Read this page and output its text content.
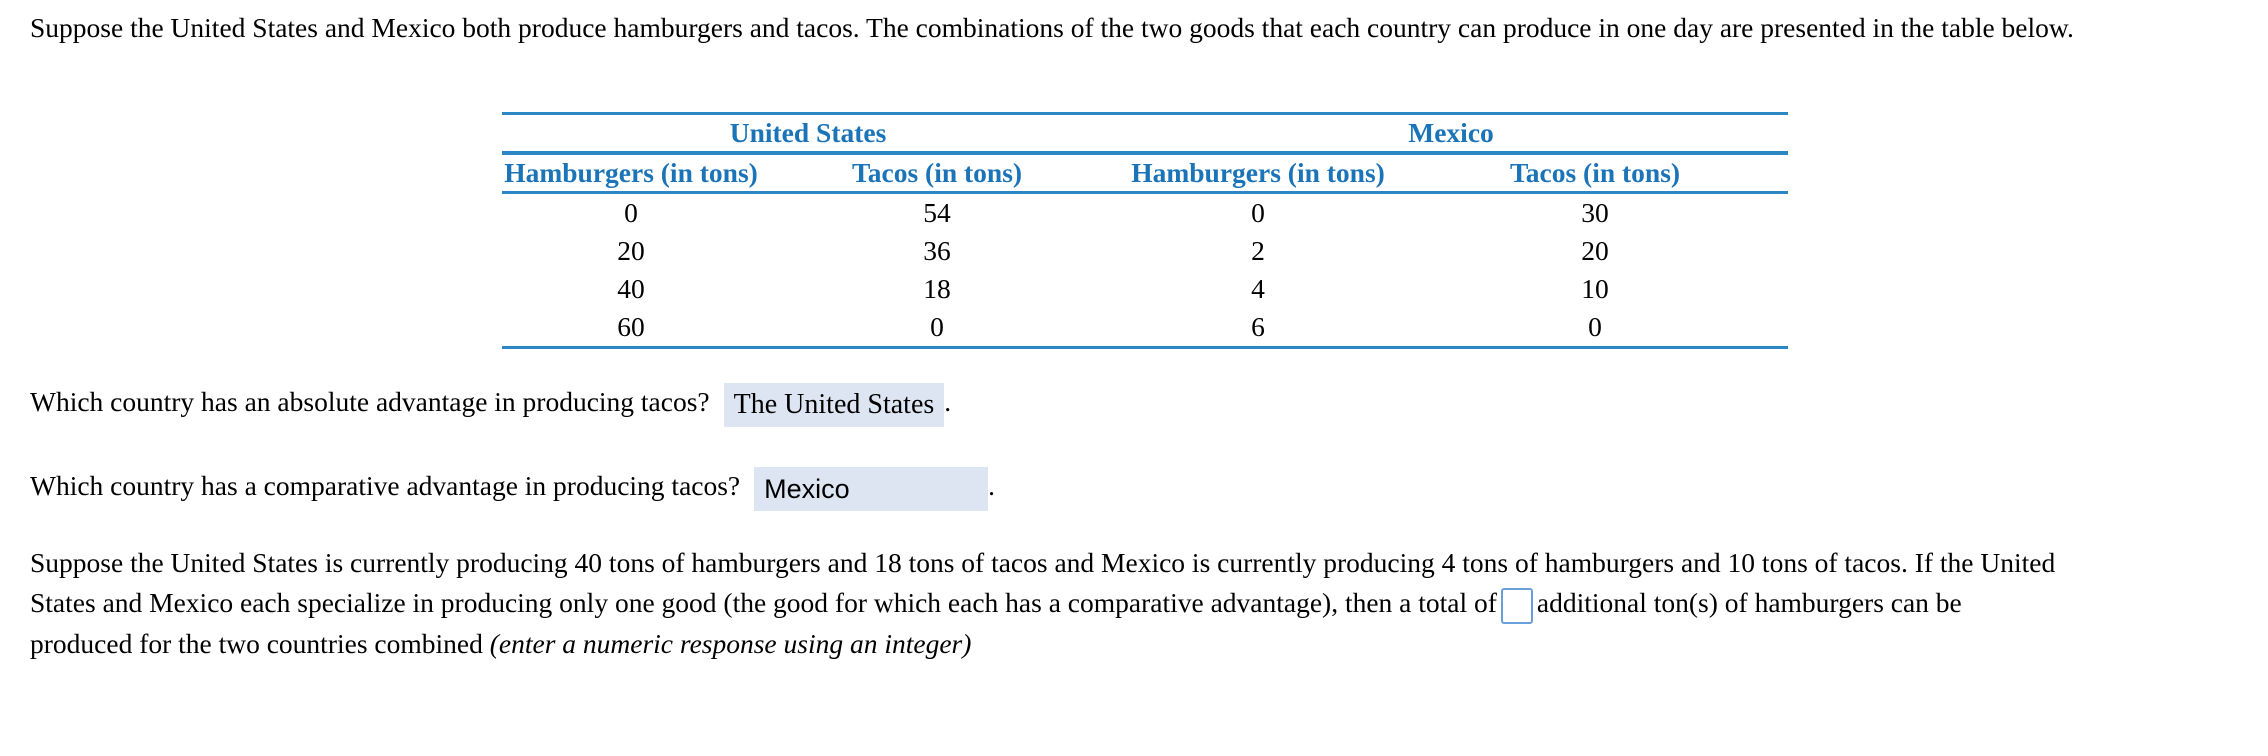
Suppose the United States and Mexico both produce hamburgers and tacos. The combinations of the two goods that each country can produce in one day are presented in the table below.
United States		Mexico	
Hamburgers (in tons)	Tacos (in tons)	Hamburgers (in tons)	Tacos (in tons)
0	54	0	30
20	36	2	20
40	18	4	10
60	0	6	0
Which country has an absolute advantage in producing tacos? The United States .
Which country has a comparative advantage in producing tacos? Mexico	.
Suppose the United States is currently producing 40 tons of hamburgers and 18 tons of tacos and Mexico is currently producing 4 tons of hamburgers and 10 tons of tacos. If the United
States and Mexico each specialize in producing only one good (the good for which each has a comparative advantage), then a total of additional ton(s) of hamburgers can be
produced for the two countries combined (enter a numeric response using an integer)
